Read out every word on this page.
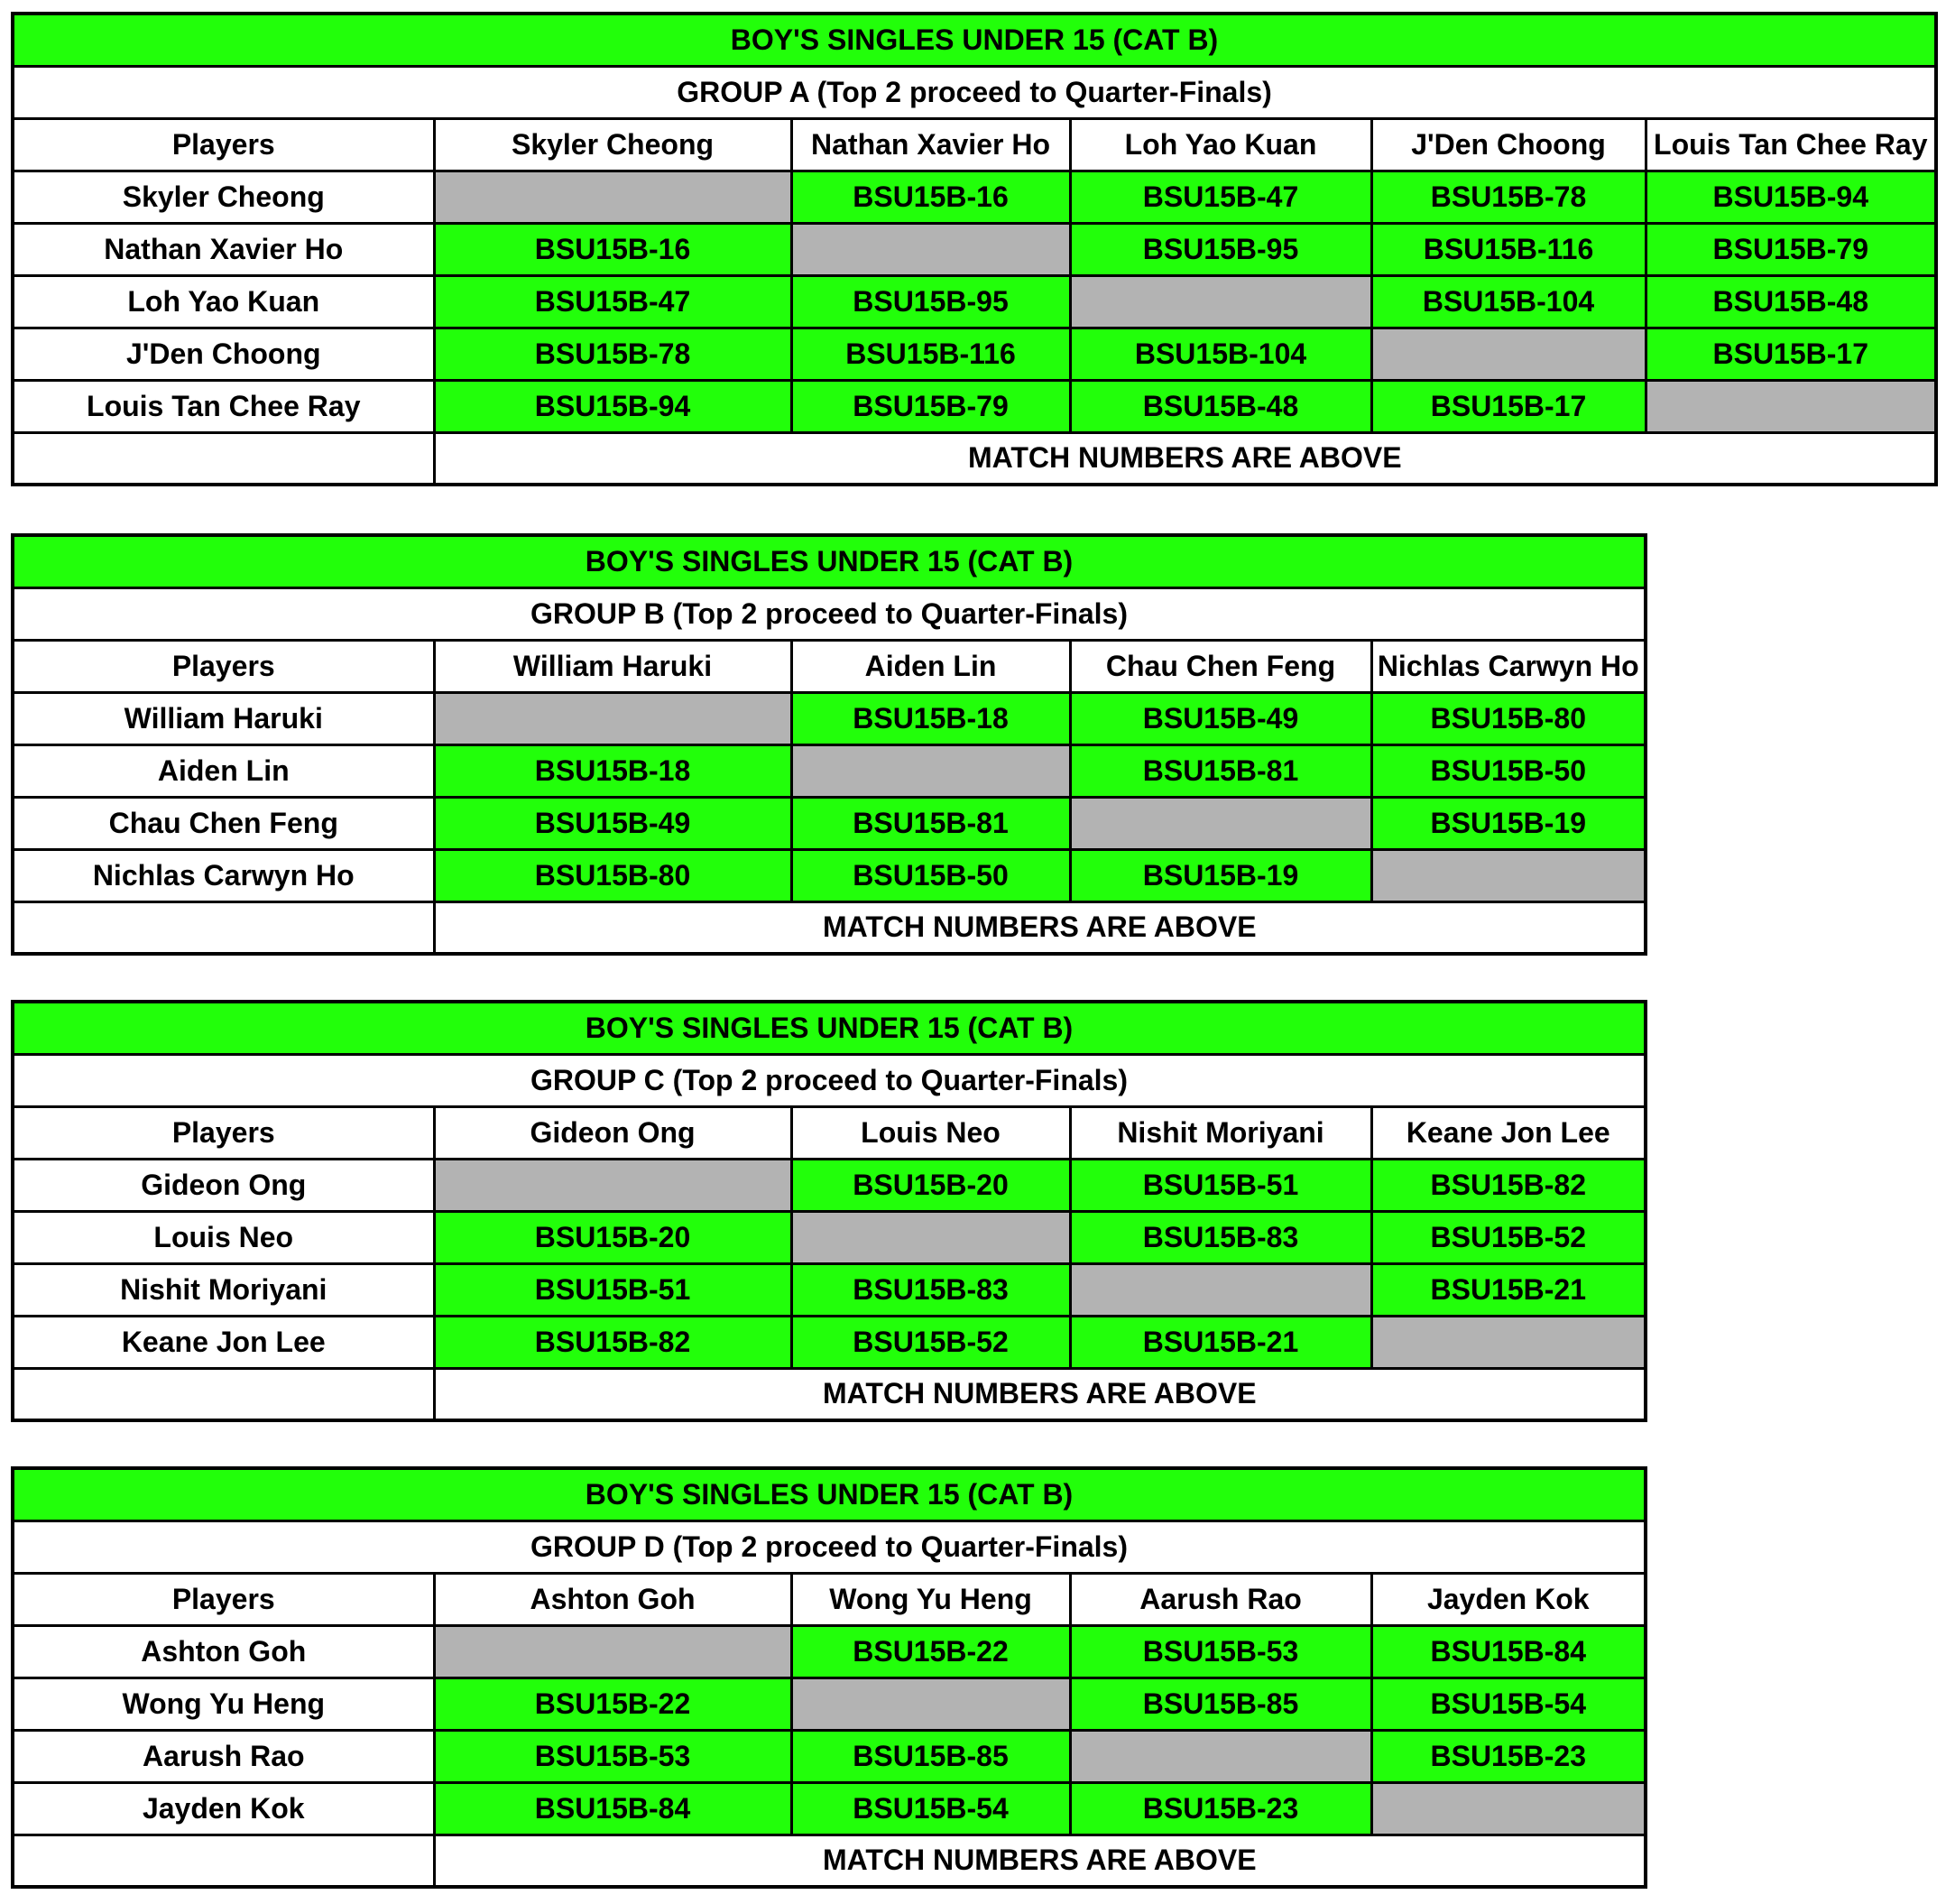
BOY'S SINGLES UNDER 15 (CAT B)					
GROUP A (Top 2 proceed to Quarter-Finals)					
Players	Skyler Cheong	Nathan Xavier Ho	Loh Yao Kuan	J'Den Choong	Louis Tan Chee Ray
Skyler Cheong		BSU15B-16	BSU15B-47	BSU15B-78	BSU15B-94
Nathan Xavier Ho	BSU15B-16		BSU15B-95	BSU15B-116	BSU15B-79
Loh Yao Kuan	BSU15B-47	BSU15B-95		BSU15B-104	BSU15B-48
J'Den Choong	BSU15B-78	BSU15B-116	BSU15B-104		BSU15B-17
Louis Tan Chee Ray	BSU15B-94	BSU15B-79	BSU15B-48	BSU15B-17	
	MATCH NUMBERS ARE ABOVE				
BOY'S SINGLES UNDER 15 (CAT B)				
GROUP B (Top 2 proceed to Quarter-Finals)				
Players	William Haruki	Aiden Lin	Chau Chen Feng	Nichlas Carwyn Ho
William Haruki		BSU15B-18	BSU15B-49	BSU15B-80
Aiden Lin	BSU15B-18		BSU15B-81	BSU15B-50
Chau Chen Feng	BSU15B-49	BSU15B-81		BSU15B-19
Nichlas Carwyn Ho	BSU15B-80	BSU15B-50	BSU15B-19	
	MATCH NUMBERS ARE ABOVE			
BOY'S SINGLES UNDER 15 (CAT B)				
GROUP C (Top 2 proceed to Quarter-Finals)				
Players	Gideon Ong	Louis Neo	Nishit Moriyani	Keane Jon Lee
Gideon Ong		BSU15B-20	BSU15B-51	BSU15B-82
Louis Neo	BSU15B-20		BSU15B-83	BSU15B-52
Nishit Moriyani	BSU15B-51	BSU15B-83		BSU15B-21
Keane Jon Lee	BSU15B-82	BSU15B-52	BSU15B-21	
	MATCH NUMBERS ARE ABOVE			
BOY'S SINGLES UNDER 15 (CAT B)				
GROUP D (Top 2 proceed to Quarter-Finals)				
Players	Ashton Goh	Wong Yu Heng	Aarush Rao	Jayden Kok
Ashton Goh		BSU15B-22	BSU15B-53	BSU15B-84
Wong Yu Heng	BSU15B-22		BSU15B-85	BSU15B-54
Aarush Rao	BSU15B-53	BSU15B-85		BSU15B-23
Jayden Kok	BSU15B-84	BSU15B-54	BSU15B-23	
	MATCH NUMBERS ARE ABOVE			
